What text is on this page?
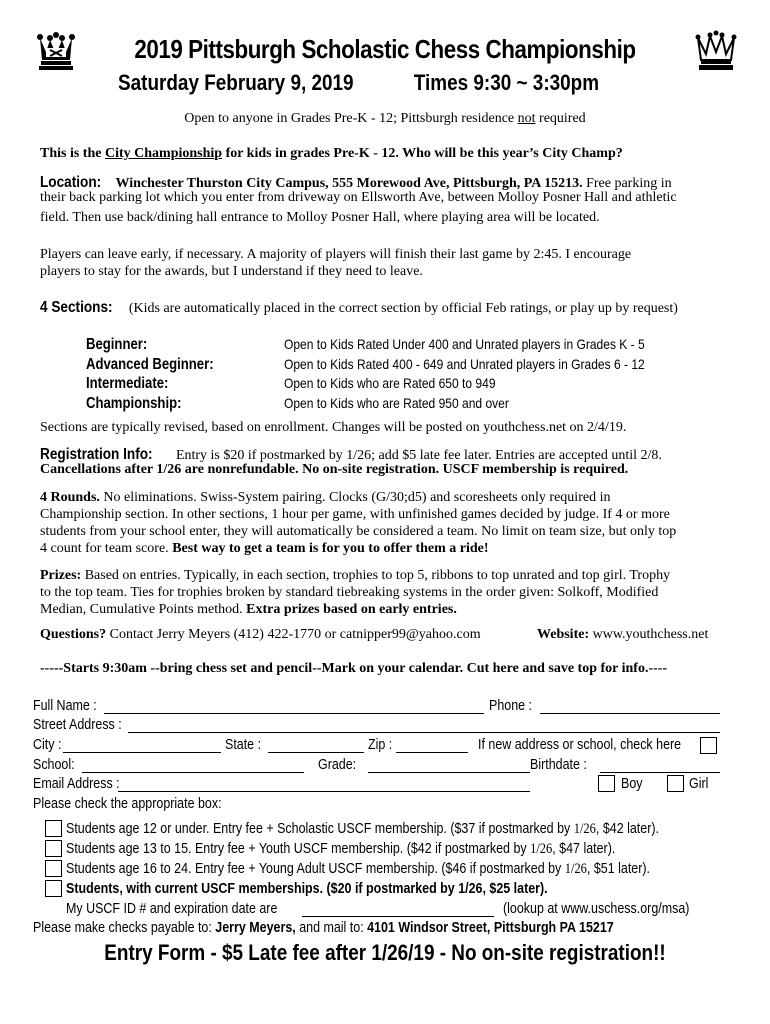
2019 Pittsburgh Scholastic Chess Championship
Saturday February 9, 2019	Times 9:30 ~ 3:30pm
Open to anyone in Grades Pre-K - 12; Pittsburgh residence not required
This is the City Championship for kids in grades Pre-K - 12. Who will be this year’s City Champ?
Location: Winchester Thurston City Campus, 555 Morewood Ave, Pittsburgh, PA 15213. Free parking in
their back parking lot which you enter from driveway on Ellsworth Ave, between Molloy Posner Hall and athletic
field. Then use back/dining hall entrance to Molloy Posner Hall, where playing area will be located.
Players can leave early, if necessary. A majority of players will finish their last game by 2:45. I encourage
players to stay for the awards, but I understand if they need to leave.
4 Sections: (Kids are automatically placed in the correct section by official Feb ratings, or play up by request)
Beginner:	Open to Kids Rated Under 400 and Unrated players in Grades K - 5
Advanced Beginner:	Open to Kids Rated 400 - 649 and Unrated players in Grades 6 - 12
Intermediate:	Open to Kids who are Rated 650 to 949
Championship:	Open to Kids who are Rated 950 and over
Sections are typically revised, based on enrollment. Changes will be posted on youthchess.net on 2/4/19.
Registration Info: Entry is $20 if postmarked by 1/26; add $5 late fee later. Entries are accepted until 2/8.
Cancellations after 1/26 are nonrefundable. No on-site registration. USCF membership is required.
4 Rounds. No eliminations. Swiss-System pairing. Clocks (G/30;d5) and scoresheets only required in
Championship section. In other sections, 1 hour per game, with unfinished games decided by judge. If 4 or more
students from your school enter, they will automatically be considered a team. No limit on team size, but only top
4 count for team score. Best way to get a team is for you to offer them a ride!
Prizes: Based on entries. Typically, in each section, trophies to top 5, ribbons to top unrated and top girl. Trophy
to the top team. Ties for trophies broken by standard tiebreaking systems in the order given: Solkoff, Modified
Median, Cumulative Points method. Extra prizes based on early entries.
Questions? Contact Jerry Meyers (412) 422-1770 or catnipper99@yahoo.com	Website: www.youthchess.net
-----Starts 9:30am --bring chess set and pencil--Mark on your calendar. Cut here and save top for info.----
Full Name :	Phone :
Street Address :
City :	State :	Zip :	If new address or school, check here
School:	Grade:	Birthdate :
Email Address :	Boy	Girl
Please check the appropriate box:
Students age 12 or under. Entry fee + Scholastic USCF membership. ($37 if postmarked by 1/26, $42 later).
Students age 13 to 15. Entry fee + Youth USCF membership. ($42 if postmarked by 1/26, $47 later).
Students age 16 to 24. Entry fee + Young Adult USCF membership. ($46 if postmarked by 1/26, $51 later).
Students, with current USCF memberships. ($20 if postmarked by 1/26, $25 later).
My USCF ID # and expiration date are	(lookup at www.uschess.org/msa)
Please make checks payable to: Jerry Meyers, and mail to: 4101 Windsor Street, Pittsburgh PA 15217
Entry Form - $5 Late fee after 1/26/19 - No on-site registration!!
